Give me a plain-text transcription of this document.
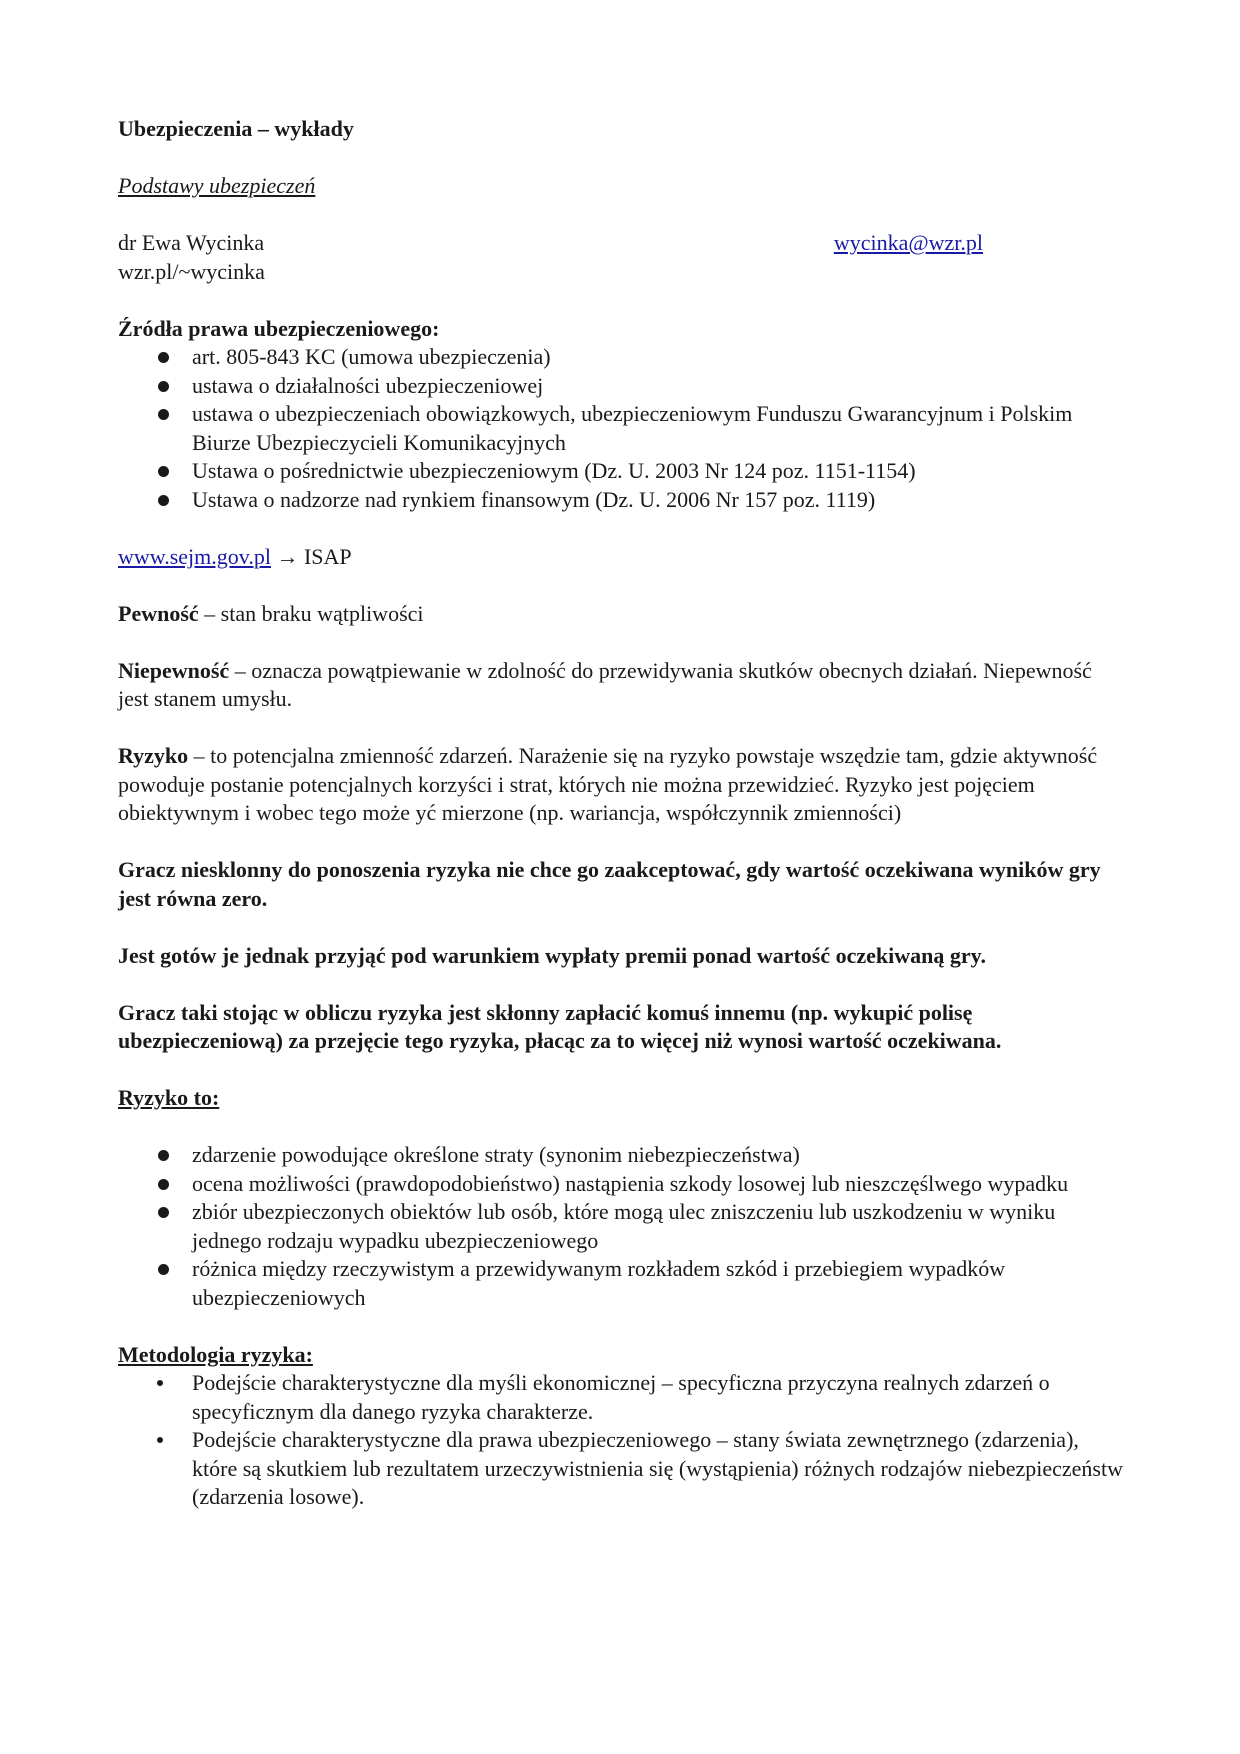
Ubezpieczenia – wykłady

Podstawy ubezpieczeń

dr Ewa Wycinka	wycinka@wzr.pl

wzr.pl/~wycinka

Źródła prawa ubezpieczeniowego:

art. 805-843 KC (umowa ubezpieczenia)
ustawa o działalności ubezpieczeniowej
ustawa o ubezpieczeniach obowiązkowych, ubezpieczeniowym Funduszu Gwarancyjnum i Polskim Biurze Ubezpieczycieli Komunikacyjnych
Ustawa o pośrednictwie ubezpieczeniowym (Dz. U. 2003 Nr 124 poz. 1151-1154)
Ustawa o nadzorze nad rynkiem finansowym (Dz. U. 2006 Nr 157 poz. 1119)

www.sejm.gov.pl → ISAP

Pewność – stan braku wątpliwości

Niepewność – oznacza powątpiewanie w zdolność do przewidywania skutków obecnych działań. Niepewność jest stanem umysłu.

Ryzyko – to potencjalna zmienność zdarzeń. Narażenie się na ryzyko powstaje wszędzie tam, gdzie aktywność powoduje postanie potencjalnych korzyści i strat, których nie można przewidzieć. Ryzyko jest pojęciem obiektywnym i wobec tego może yć mierzone (np. wariancja, współczynnik zmienności)

Gracz niesklonny do ponoszenia ryzyka nie chce go zaakceptować, gdy wartość oczekiwana wyników gry jest równa zero.

Jest gotów je jednak przyjąć pod warunkiem wypłaty premii ponad wartość oczekiwaną gry.

Gracz taki stojąc w obliczu ryzyka jest skłonny zapłacić komuś innemu (np. wykupić polisę ubezpieczeniową) za przejęcie tego ryzyka, płacąc za to więcej niż wynosi wartość oczekiwana.

Ryzyko to:

zdarzenie powodujące określone straty (synonim niebezpieczeństwa)
ocena możliwości (prawdopodobieństwo) nastąpienia szkody losowej lub nieszczęślwego wypadku
zbiór ubezpieczonych obiektów lub osób, które mogą ulec zniszczeniu lub uszkodzeniu w wyniku jednego rodzaju wypadku ubezpieczeniowego
różnica między rzeczywistym a przewidywanym rozkładem szkód i przebiegiem wypadków ubezpieczeniowych

Metodologia ryzyka:

Podejście charakterystyczne dla myśli ekonomicznej – specyficzna przyczyna realnych zdarzeń o specyficznym dla danego ryzyka charakterze.
Podejście charakterystyczne dla prawa ubezpieczeniowego – stany świata zewnętrznego (zdarzenia), które są skutkiem lub rezultatem urzeczywistnienia się (wystąpienia) różnych rodzajów niebezpieczeństw (zdarzenia losowe).
